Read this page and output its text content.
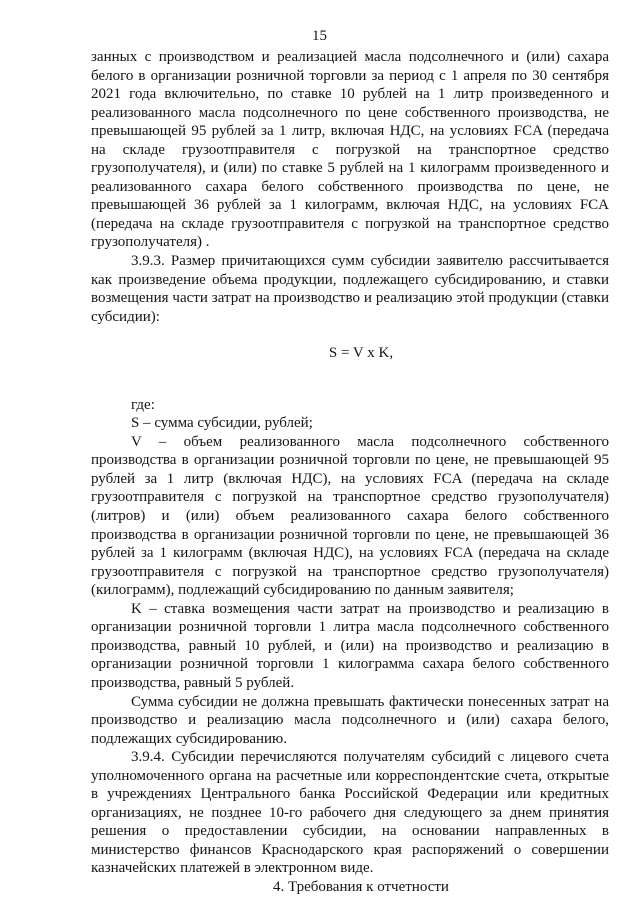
15

занных с производством и реализацией масла подсолнечного и (или) сахара белого в организации розничной торговли за период с 1 апреля по 30 сентября 2021 года включительно, по ставке 10 рублей на 1 литр произведенного и реализованного масла подсолнечного по цене собственного производства, не превышающей 95 рублей за 1 литр, включая НДС, на условиях FCA (передача на складе грузоотправителя с погрузкой на транспортное средство грузополучателя), и (или) по ставке 5 рублей на 1 килограмм произведенного и реализованного сахара белого собственного производства по цене, не превышающей 36 рублей за 1 килограмм, включая НДС, на условиях FCA (передача на складе грузоотправителя с погрузкой на транспортное средство грузополучателя) .

3.9.3. Размер причитающихся сумм субсидии заявителю рассчитывается как произведение объема продукции, подлежащего субсидированию, и ставки возмещения части затрат на производство и реализацию этой продукции (ставки субсидии):

S = V x K,

где:

S – сумма субсидии, рублей;

V – объем реализованного масла подсолнечного собственного производства в организации розничной торговли по цене, не превышающей 95 рублей за 1 литр (включая НДС), на условиях FCA (передача на складе грузоотправителя с погрузкой на транспортное средство грузополучателя) (литров) и (или) объем реализованного сахара белого собственного производства в организации розничной торговли по цене, не превышающей 36 рублей за 1 килограмм (включая НДС), на условиях FCA (передача на складе грузоотправителя с погрузкой на транспортное средство грузополучателя) (килограмм), подлежащий субсидированию по данным заявителя;

K – ставка возмещения части затрат на производство и реализацию в организации розничной торговли 1 литра масла подсолнечного собственного производства, равный 10 рублей, и (или) на производство и реализацию в организации розничной торговли 1 килограмма сахара белого собственного производства, равный 5 рублей.

Сумма субсидии не должна превышать фактически понесенных затрат на производство и реализацию масла подсолнечного и (или) сахара белого, подлежащих субсидированию.

3.9.4. Субсидии перечисляются получателям субсидий с лицевого счета уполномоченного органа на расчетные или корреспондентские счета, открытые в учреждениях Центрального банка Российской Федерации или кредитных организациях, не позднее 10-го рабочего дня следующего за днем принятия решения о предоставлении субсидии, на основании направленных в министерство финансов Краснодарского края распоряжений о совершении казначейских платежей в электронном виде.

4. Требования к отчетности
